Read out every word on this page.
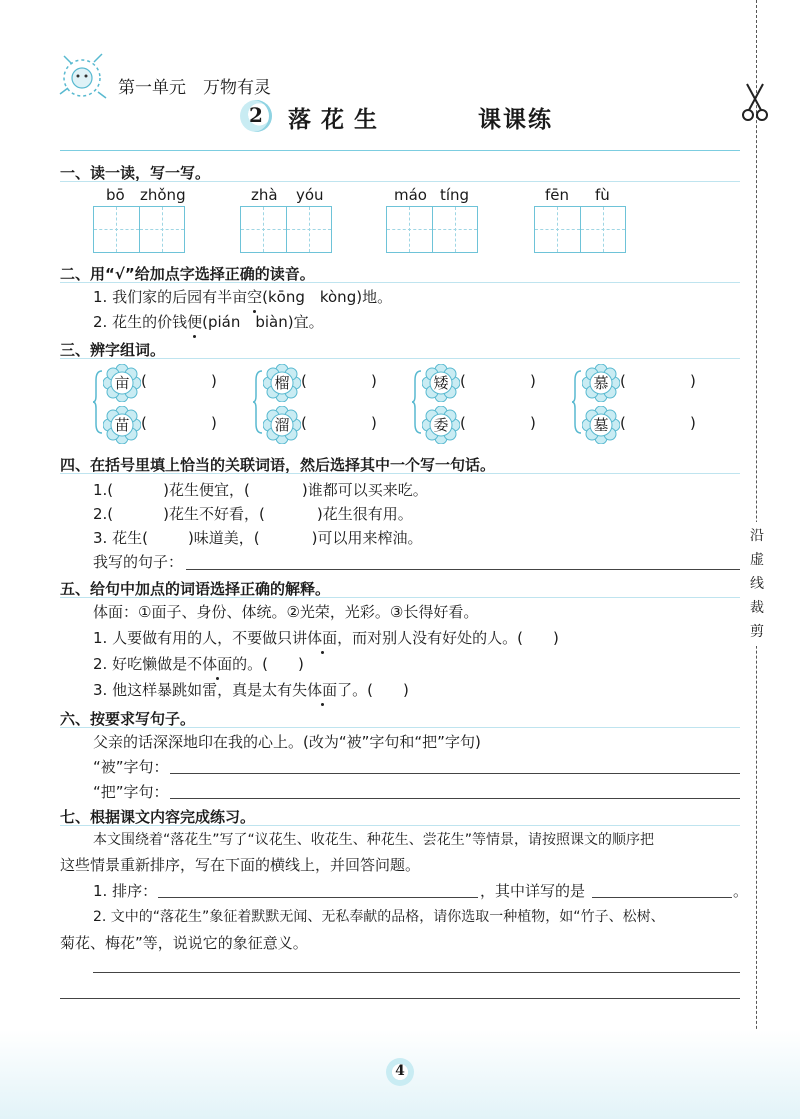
沿
虚
线
裁
剪
第一单元　万物有灵
2	落花生	课课练
一、读一读，写一写。
bō zhǒng	zhà yóu	máo tíng	fēn fù
二、用“√”给加点字选择正确的读音。
1. 我们家的后园有半亩空(kōng　kòng)地。
2. 花生的价钱便(pián　biàn)宜。
三、辨字组词。
亩 (	)
苗 (	)
榴 (	)
溜 (	)
矮 (	)
委 (	)
慕 (	)
墓 (	)
四、在括号里填上恰当的关联词语，然后选择其中一个写一句话。
1.(	)花生便宜，(	)谁都可以买来吃。
2.(	)花生不好看，(	)花生很有用。
3. 花生(	)味道美，(	)可以用来榨油。
我写的句子：
五、给句中加点的词语选择正确的解释。
体面：①面子、身份、体统。②光荣，光彩。③长得好看。
1. 人要做有用的人，不要做只讲体面，而对别人没有好处的人。(　　)
2. 好吃懒做是不体面的。(　　)
3. 他这样暴跳如雷，真是太有失体面了。(　　)
六、按要求写句子。
父亲的话深深地印在我的心上。(改为“被”字句和“把”字句)
“被”字句：
“把”字句：
七、根据课文内容完成练习。
本文围绕着“落花生”写了“议花生、收花生、种花生、尝花生”等情景，请按照课文的顺序把
这些情景重新排序，写在下面的横线上，并回答问题。
1. 排序：	，其中详写的是	。
2. 文中的“落花生”象征着默默无闻、无私奉献的品格，请你选取一种植物，如“竹子、松树、
菊花、梅花”等，说说它的象征意义。
4
